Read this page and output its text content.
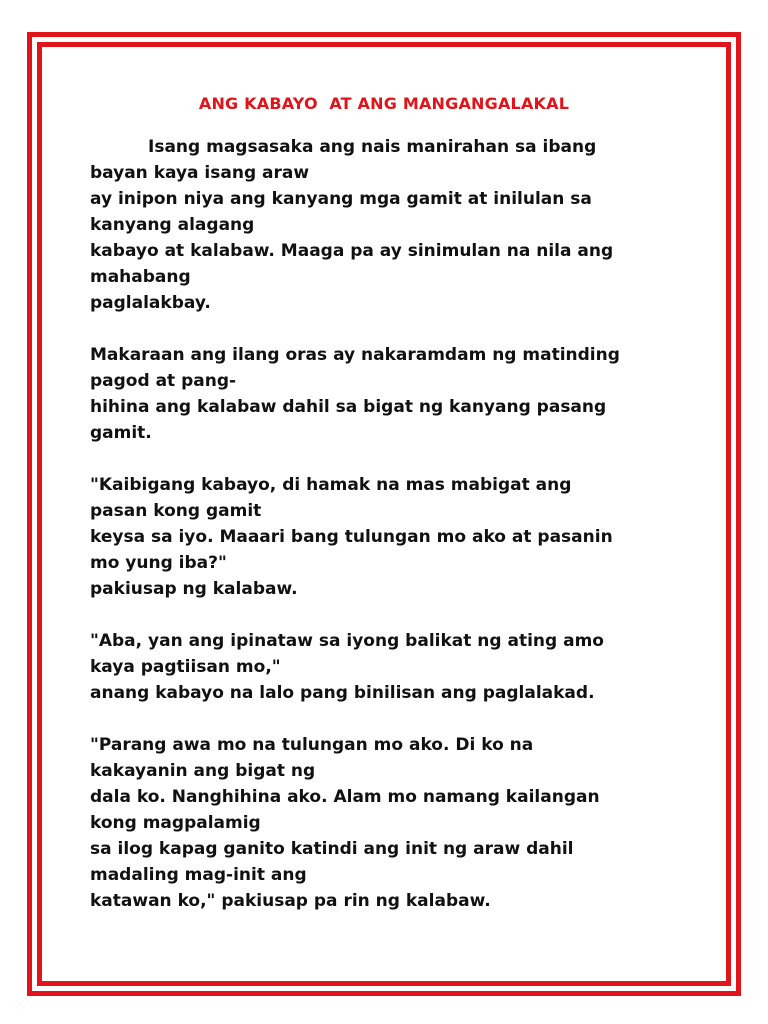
ANG KABAYO  AT ANG MANGANGALAKAL

Isang magsasaka ang nais manirahan sa ibang
bayan kaya isang araw
ay inipon niya ang kanyang mga gamit at inilulan sa
kanyang alagang
kabayo at kalabaw. Maaga pa ay sinimulan na nila ang
mahabang
paglalakbay.

Makaraan ang ilang oras ay nakaramdam ng matinding
pagod at pang-
hihina ang kalabaw dahil sa bigat ng kanyang pasang
gamit.

"Kaibigang kabayo, di hamak na mas mabigat ang
pasan kong gamit
keysa sa iyo. Maaari bang tulungan mo ako at pasanin
mo yung iba?"
pakiusap ng kalabaw.

"Aba, yan ang ipinataw sa iyong balikat ng ating amo
kaya pagtiisan mo,"
anang kabayo na lalo pang binilisan ang paglalakad.

"Parang awa mo na tulungan mo ako. Di ko na
kakayanin ang bigat ng
dala ko. Nanghihina ako. Alam mo namang kailangan
kong magpalamig
sa ilog kapag ganito katindi ang init ng araw dahil
madaling mag-init ang
katawan ko," pakiusap pa rin ng kalabaw.
